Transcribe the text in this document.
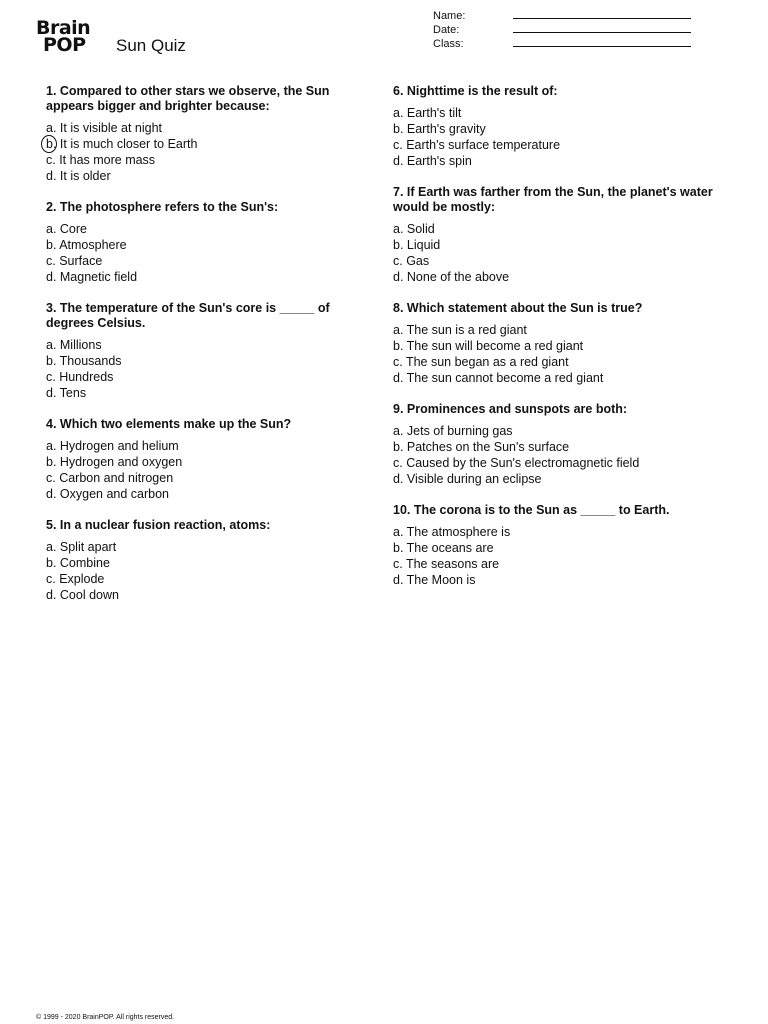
Brain
POP	Sun Quiz
Name:
Date:
Class:
1. Compared to other stars we observe, the Sun appears bigger and brighter because:
a. It is visible at night
b. It is much closer to Earth
c. It has more mass
d. It is older
2. The photosphere refers to the Sun's:
a. Core
b. Atmosphere
c. Surface
d. Magnetic field
3. The temperature of the Sun's core is _____ of degrees Celsius.
a. Millions
b. Thousands
c. Hundreds
d. Tens
4. Which two elements make up the Sun?
a. Hydrogen and helium
b. Hydrogen and oxygen
c. Carbon and nitrogen
d. Oxygen and carbon
5. In a nuclear fusion reaction, atoms:
a. Split apart
b. Combine
c. Explode
d. Cool down
6. Nighttime is the result of:
a. Earth's tilt
b. Earth's gravity
c. Earth's surface temperature
d. Earth's spin
7. If Earth was farther from the Sun, the planet's water would be mostly:
a. Solid
b. Liquid
c. Gas
d. None of the above
8. Which statement about the Sun is true?
a. The sun is a red giant
b. The sun will become a red giant
c. The sun began as a red giant
d. The sun cannot become a red giant
9. Prominences and sunspots are both:
a. Jets of burning gas
b. Patches on the Sun's surface
c. Caused by the Sun's electromagnetic field
d. Visible during an eclipse
10. The corona is to the Sun as _____ to Earth.
a. The atmosphere is
b. The oceans are
c. The seasons are
d. The Moon is
© 1999 - 2020 BrainPOP. All rights reserved.
